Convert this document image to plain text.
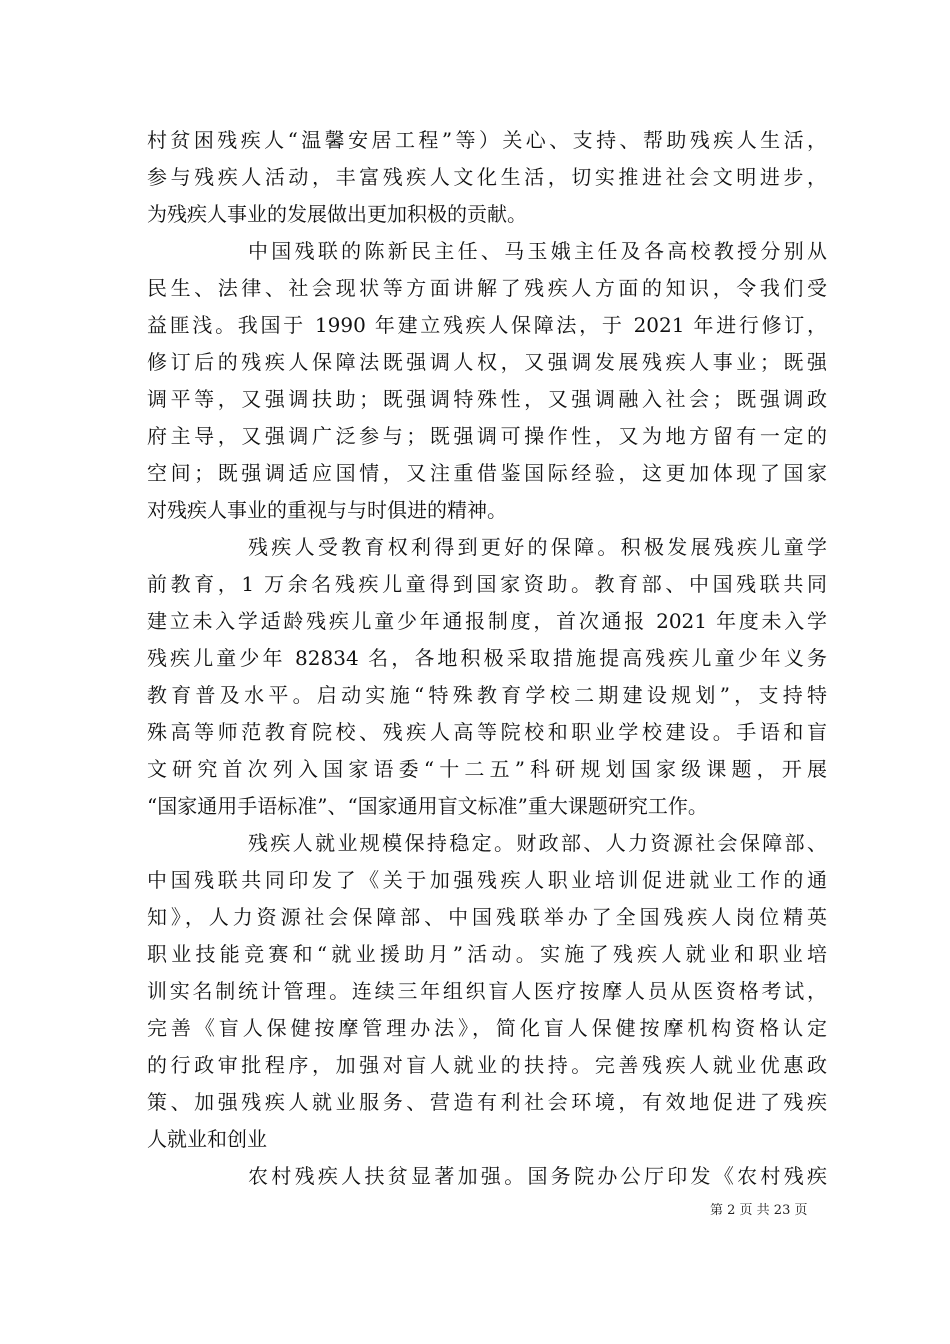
村贫困残疾人“温馨安居工程”等）关心、支持、帮助残疾人生活，
参与残疾人活动，丰富残疾人文化生活，切实推进社会文明进步，
为残疾人事业的发展做出更加积极的贡献。
中国残联的陈新民主任、马玉娥主任及各高校教授分别从
民生、法律、社会现状等方面讲解了残疾人方面的知识，令我们受
益匪浅。我国于 1990 年建立残疾人保障法，于 2021 年进行修订，
修订后的残疾人保障法既强调人权，又强调发展残疾人事业；既强
调平等，又强调扶助；既强调特殊性，又强调融入社会；既强调政
府主导，又强调广泛参与；既强调可操作性，又为地方留有一定的
空间；既强调适应国情，又注重借鉴国际经验，这更加体现了国家
对残疾人事业的重视与与时俱进的精神。
残疾人受教育权利得到更好的保障。积极发展残疾儿童学
前教育，1 万余名残疾儿童得到国家资助。教育部、中国残联共同
建立未入学适龄残疾儿童少年通报制度，首次通报 2021 年度未入学
残疾儿童少年 82834 名，各地积极采取措施提高残疾儿童少年义务
教育普及水平。启动实施“特殊教育学校二期建设规划”，支持特
殊高等师范教育院校、残疾人高等院校和职业学校建设。手语和盲
文研究首次列入国家语委“十二五”科研规划国家级课题，开展
“国家通用手语标准”、“国家通用盲文标准”重大课题研究工作。
残疾人就业规模保持稳定。财政部、人力资源社会保障部、
中国残联共同印发了《关于加强残疾人职业培训促进就业工作的通
知》，人力资源社会保障部、中国残联举办了全国残疾人岗位精英
职业技能竞赛和“就业援助月”活动。实施了残疾人就业和职业培
训实名制统计管理。连续三年组织盲人医疗按摩人员从医资格考试，
完善《盲人保健按摩管理办法》，简化盲人保健按摩机构资格认定
的行政审批程序，加强对盲人就业的扶持。完善残疾人就业优惠政
策、加强残疾人就业服务、营造有利社会环境，有效地促进了残疾
人就业和创业
农村残疾人扶贫显著加强。国务院办公厅印发《农村残疾
第 2 页 共 23 页
